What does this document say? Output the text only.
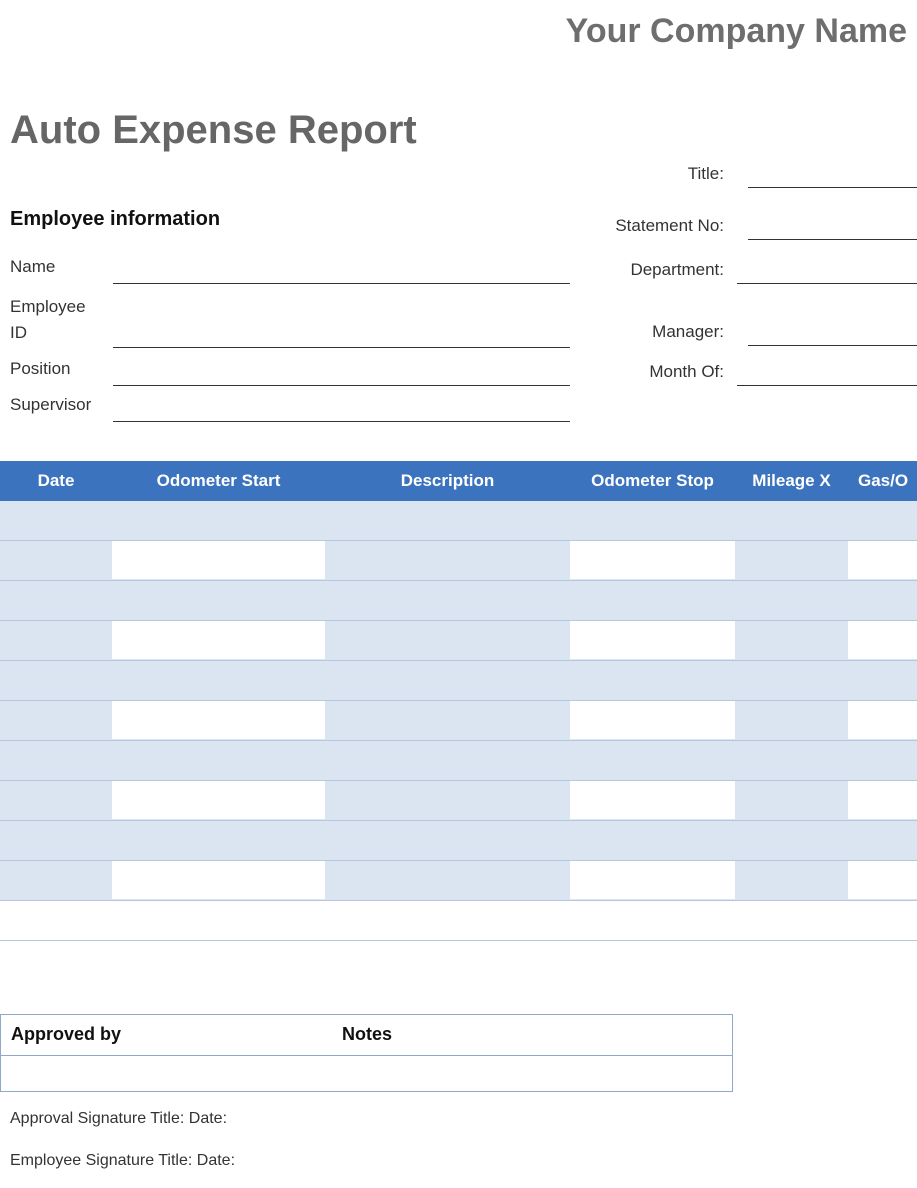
Your Company Name
Auto Expense Report
Employee information
Name
Employee
ID
Position
Supervisor
Title:
Statement No:
Department:
Manager:
Month Of:
Date	Odometer Start	Description	Odometer Stop	Mileage X	Gas/O
Approved by	Notes
Approval Signature Title: Date:
Employee Signature Title: Date:
